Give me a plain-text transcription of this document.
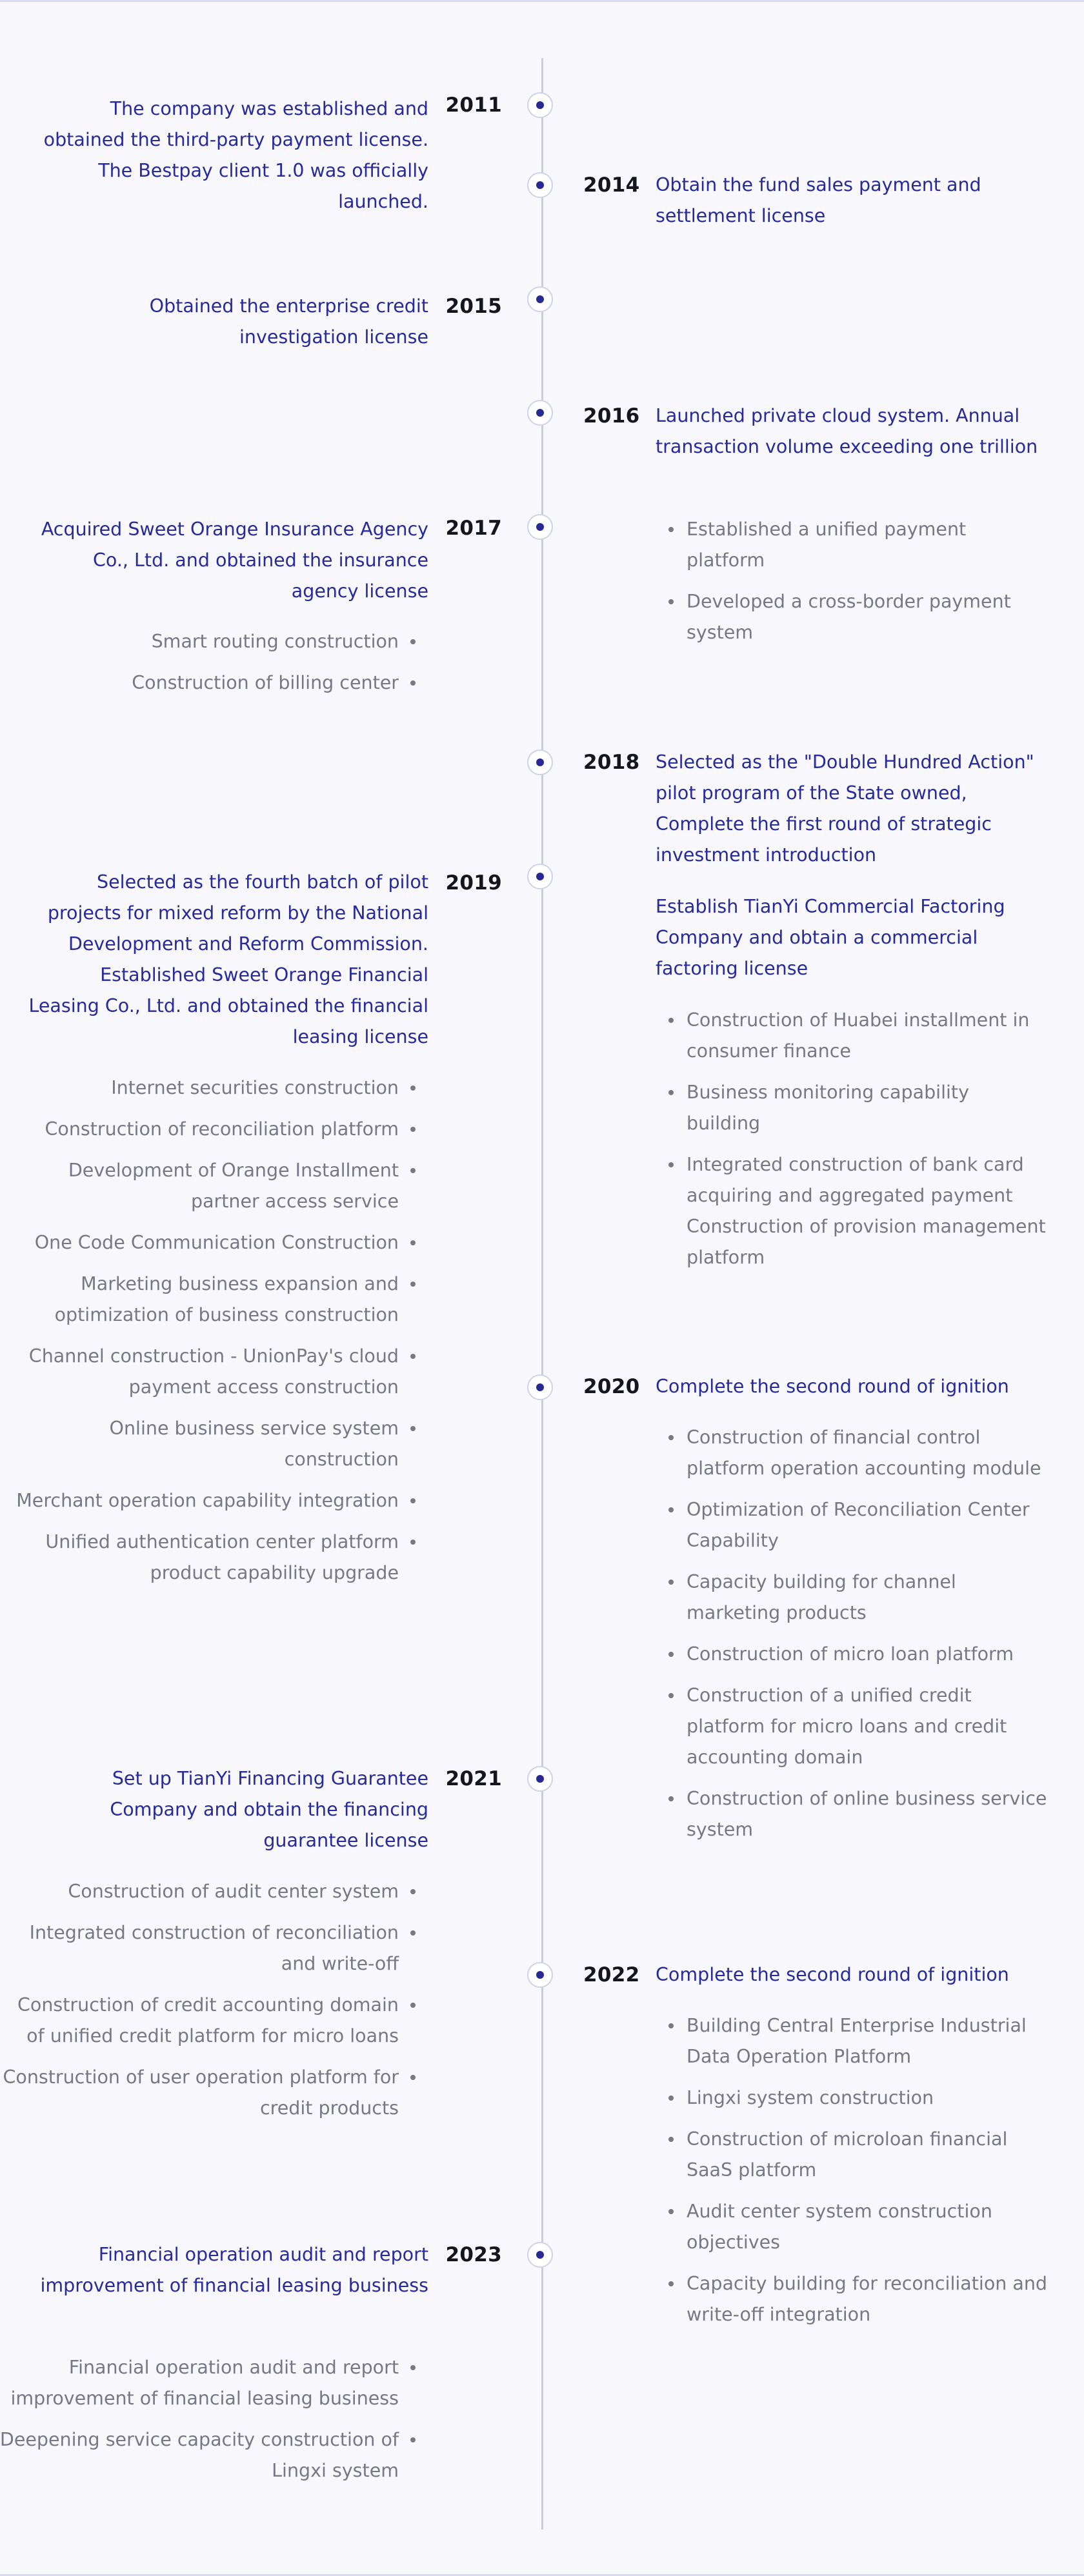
2011
The company was established and obtained the third-party payment license. The Bestpay client 1.0 was officially launched.
2014 Obtain the fund sales payment and settlement license
2015
Obtained the enterprise credit investigation license
2016 Launched private cloud system. Annual transaction volume exceeding one trillion
Established a unified payment platform
Developed a cross-border payment system
2017
Acquired Sweet Orange Insurance Agency Co., Ltd. and obtained the insurance agency license
Smart routing construction
Construction of billing center
2018 Selected as the "Double Hundred Action" pilot program of the State owned, Complete the first round of strategic investment introduction
Establish TianYi Commercial Factoring Company and obtain a commercial factoring license
Construction of Huabei installment in consumer finance
Business monitoring capability building
Integrated construction of bank card acquiring and aggregated payment Construction of provision management platform
2019
Selected as the fourth batch of pilot projects for mixed reform by the National Development and Reform Commission. Established Sweet Orange Financial Leasing Co., Ltd. and obtained the financial leasing license
Internet securities construction
Construction of reconciliation platform
Development of Orange Installment partner access service
One Code Communication Construction
Marketing business expansion and optimization of business construction
Channel construction - UnionPay's cloud payment access construction
Online business service system construction
Merchant operation capability integration
Unified authentication center platform product capability upgrade
2020 Complete the second round of ignition
Construction of financial control platform operation accounting module
Optimization of Reconciliation Center Capability
Capacity building for channel marketing products
Construction of micro loan platform
Construction of a unified credit platform for micro loans and credit accounting domain
Construction of online business service system
2021
Set up TianYi Financing Guarantee Company and obtain the financing guarantee license
Construction of audit center system
Integrated construction of reconciliation and write-off
Construction of credit accounting domain of unified credit platform for micro loans
Construction of user operation platform for credit products
2022 Complete the second round of ignition
Building Central Enterprise Industrial Data Operation Platform
Lingxi system construction
Construction of microloan financial SaaS platform
Audit center system construction objectives
Capacity building for reconciliation and write-off integration
2023
Financial operation audit and report improvement of financial leasing business
Financial operation audit and report improvement of financial leasing business
Deepening service capacity construction of Lingxi system
